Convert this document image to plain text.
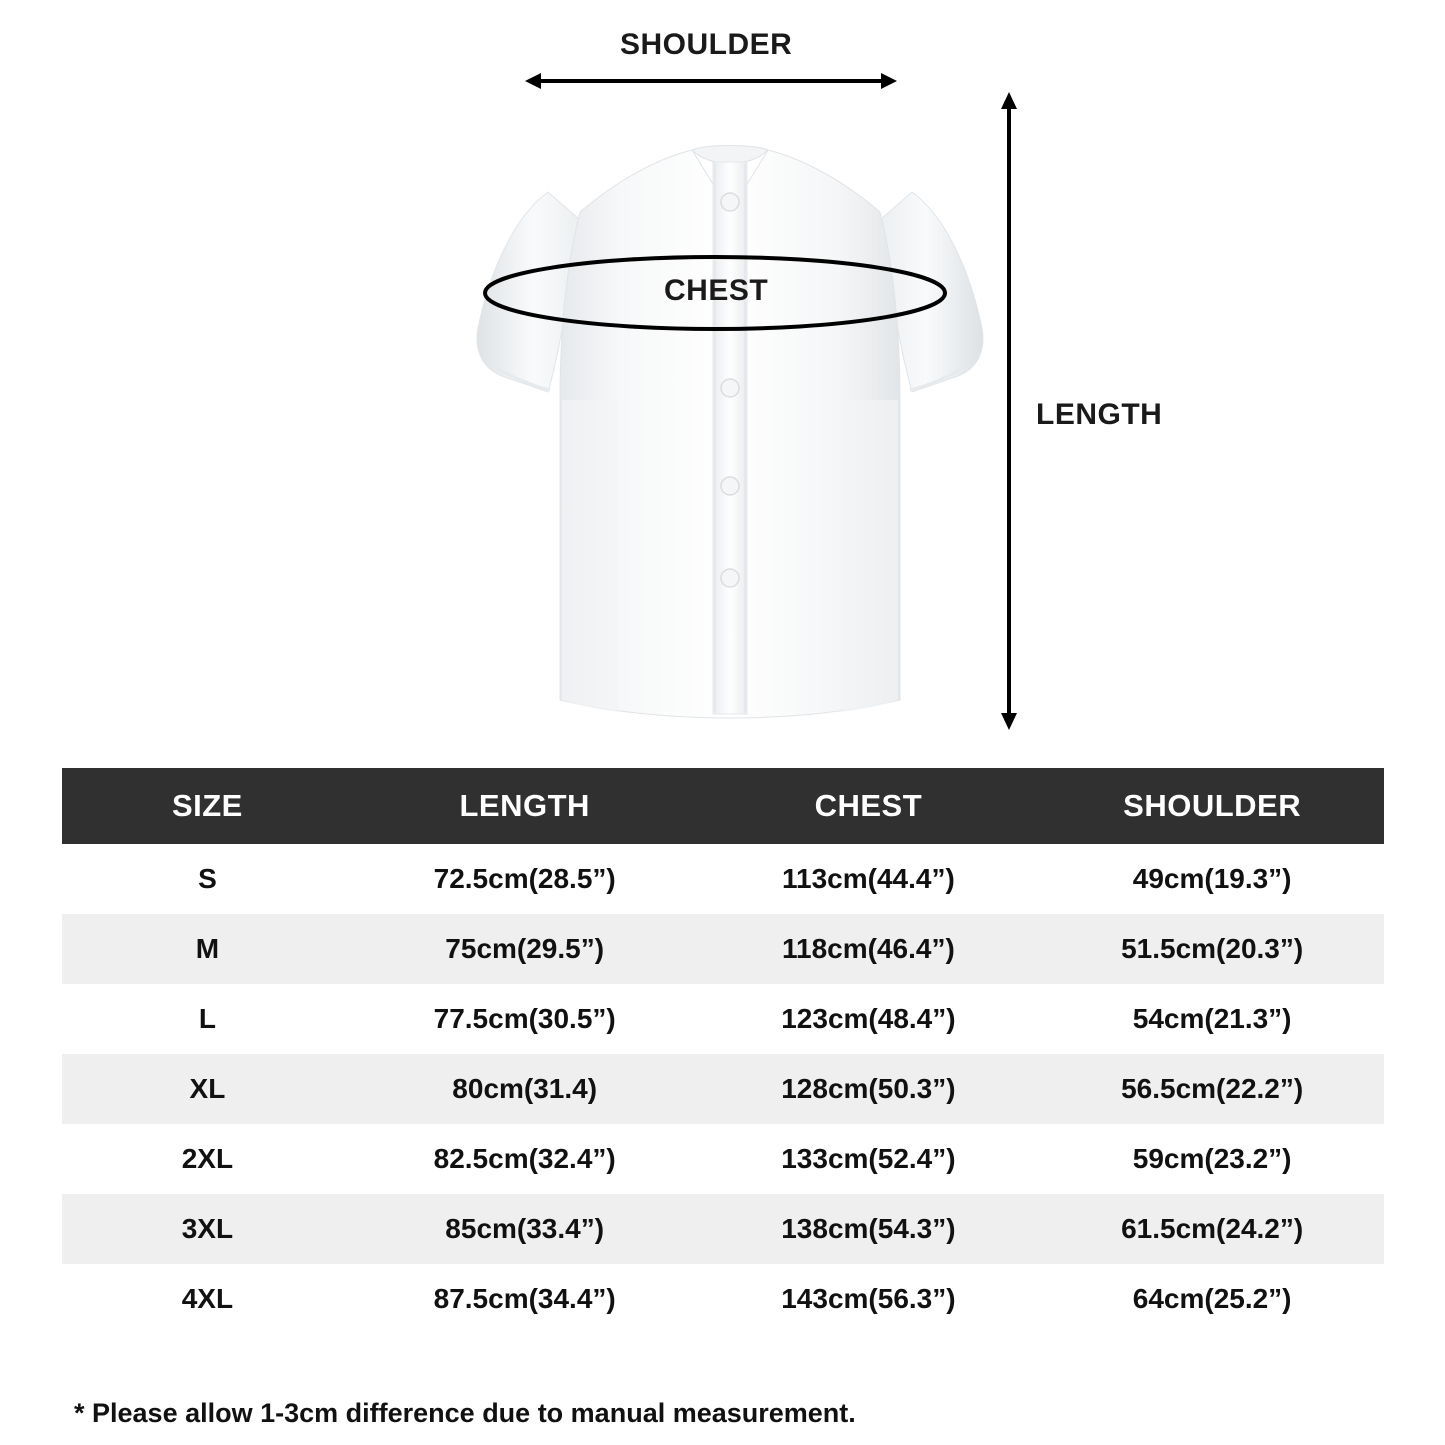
SHOULDER
LENGTH
CHEST
SIZE	LENGTH	CHEST	SHOULDER
S	72.5cm(28.5”)	113cm(44.4”)	49cm(19.3”)
M	75cm(29.5”)	118cm(46.4”)	51.5cm(20.3”)
L	77.5cm(30.5”)	123cm(48.4”)	54cm(21.3”)
XL	80cm(31.4)	128cm(50.3”)	56.5cm(22.2”)
2XL	82.5cm(32.4”)	133cm(52.4”)	59cm(23.2”)
3XL	85cm(33.4”)	138cm(54.3”)	61.5cm(24.2”)
4XL	87.5cm(34.4”)	143cm(56.3”)	64cm(25.2”)
* Please allow 1-3cm difference due to manual measurement.
